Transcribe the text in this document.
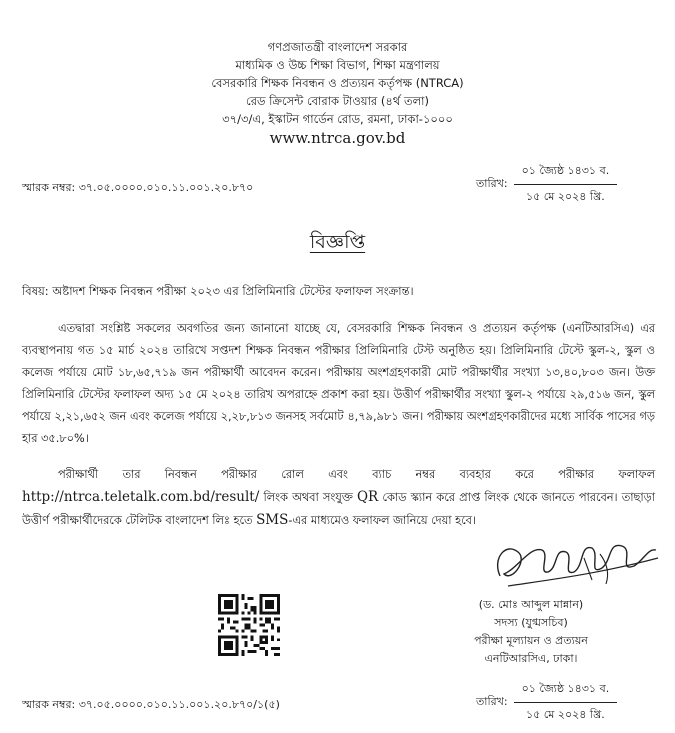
গণপ্রজাতন্ত্রী বাংলাদেশ সরকার
মাধ্যমিক ও উচ্চ শিক্ষা বিভাগ, শিক্ষা মন্ত্রণালয়
বেসরকারি শিক্ষক নিবন্ধন ও প্রত্যয়ন কর্তৃপক্ষ (NTRCA)
রেড ক্রিসেন্ট বোরাক টাওয়ার (৪র্থ তলা)
৩৭/৩/এ, ইস্কাটন গার্ডেন রোড, রমনা, ঢাকা-১০০০
www.ntrca.gov.bd
স্মারক নম্বর: ৩৭.০৫.০০০০.০১০.১১.০০১.২০.৮৭০	তারিখ: $\frac{\text{০১ জ্যৈষ্ঠ ১৪৩১ ব.}}{\text{১৫ মে ২০২৪ খ্রি.}}$
বিজ্ঞপ্তি
বিষয়: অষ্টাদশ শিক্ষক নিবন্ধন পরীক্ষা ২০২৩ এর প্রিলিমিনারি টেস্টের ফলাফল সংক্রান্ত।
এতদ্বারা সংশ্লিষ্ট সকলের অবগতির জন্য জানানো যাচ্ছে যে, বেসরকারি শিক্ষক নিবন্ধন ও প্রত্যয়ন কর্তৃপক্ষ (এনটিআরসিএ) এর ব্যবস্থাপনায় গত ১৫ মার্চ ২০২৪ তারিখে সপ্তদশ শিক্ষক নিবন্ধন পরীক্ষার প্রিলিমিনারি টেস্ট অনুষ্ঠিত হয়। প্রিলিমিনারি টেস্টে স্কুল-২, স্কুল ও কলেজ পর্যায়ে মোট ১৮,৬৫,৭১৯ জন পরীক্ষার্থী আবেদন করেন। পরীক্ষায় অংশগ্রহণকারী মোট পরীক্ষার্থীর সংখ্যা ১৩,৪০,৮০৩ জন। উক্ত প্রিলিমিনারি টেস্টের ফলাফল অদ্য ১৫ মে ২০২৪ তারিখ অপরাহ্নে প্রকাশ করা হয়। উত্তীর্ণ পরীক্ষার্থীর সংখ্যা স্কুল-২ পর্যায়ে ২৯,৫১৬ জন, স্কুল পর্যায়ে ২,২১,৬৫২ জন এবং কলেজ পর্যায়ে ২,২৮,৮১৩ জনসহ সর্বমোট ৪,৭৯,৯৮১ জন। পরীক্ষায় অংশগ্রহণকারীদের মধ্যে সার্বিক পাসের গড় হার ৩৫.৮০%।
পরীক্ষার্থী তার নিবন্ধন পরীক্ষার রোল এবং ব্যাচ নম্বর ব্যবহার করে পরীক্ষার ফলাফল http://ntrca.teletalk.com.bd/result/ লিংক অথবা সংযুক্ত QR কোড স্ক্যান করে প্রাপ্ত লিংক থেকে জানতে পারবেন। তাছাড়া উত্তীর্ণ পরীক্ষার্থীদেরকে টেলিটক বাংলাদেশ লিঃ হতে SMS-এর মাধ্যমেও ফলাফল জানিয়ে দেয়া হবে।
(ড. মোঃ আব্দুল মান্নান)
সদস্য (যুগ্মসচিব)
পরীক্ষা মূল্যায়ন ও প্রত্যয়ন
এনটিআরসিএ, ঢাকা।
স্মারক নম্বর: ৩৭.০৫.০০০০.০১০.১১.০০১.২০.৮৭০/১(৫)	তারিখ: $\frac{\text{০১ জ্যৈষ্ঠ ১৪৩১ ব.}}{\text{১৫ মে ২০২৪ খ্রি.}}$
